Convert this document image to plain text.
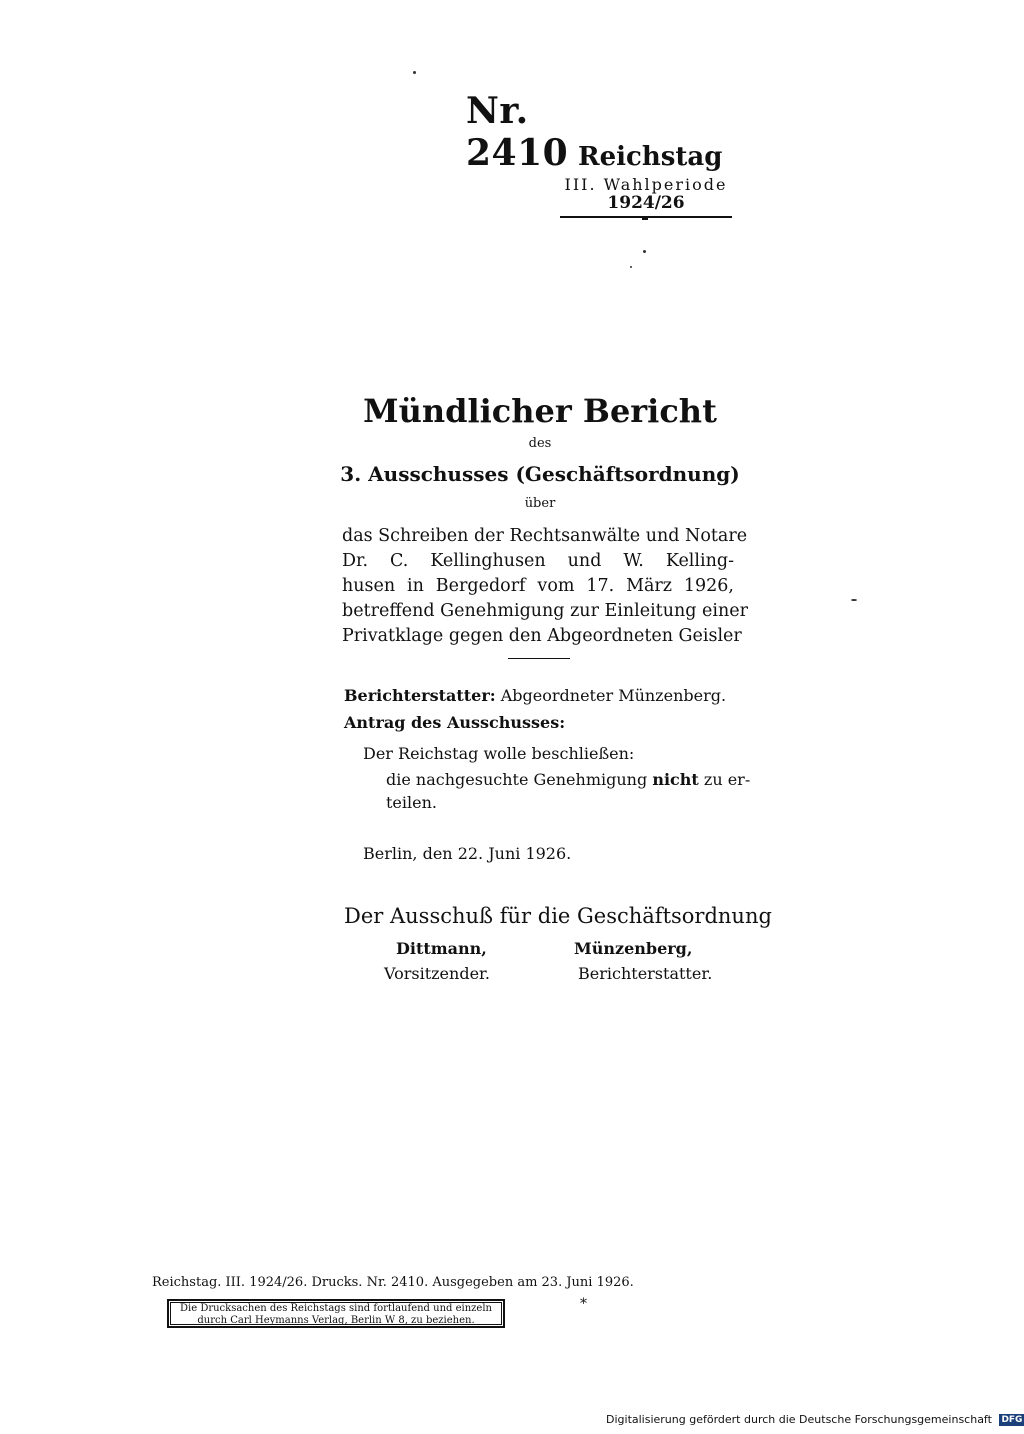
Nr. 2410 Reichstag
III. Wahlperiode
1924/26
Mündlicher Bericht
des
3. Ausschusses (Geschäftsordnung)
über
das Schreiben der Rechtsanwälte und Notare
Dr. C. Kellinghusen und W. Kelling-
husen in Bergedorf vom 17. März 1926,
betreffend Genehmigung zur Einleitung einer
Privatklage gegen den Abgeordneten Geisler
Berichterstatter: Abgeordneter Münzenberg.
Antrag des Ausschusses:
Der Reichstag wolle beschließen:
die nachgesuchte Genehmigung nicht zu er-
teilen.
Berlin, den 22. Juni 1926.
Der Ausschuß für die Geschäftsordnung
Dittmann,
Vorsitzender.
Münzenberg,
Berichterstatter.
Reichstag. III. 1924/26. Drucks. Nr. 2410. Ausgegeben am 23. Juni 1926.
Die Drucksachen des Reichstags sind fortlaufend und einzeln
durch Carl Heymanns Verlag, Berlin W 8, zu beziehen.
*
Digitalisierung gefördert durch die Deutsche Forschungsgemeinschaft DFG
